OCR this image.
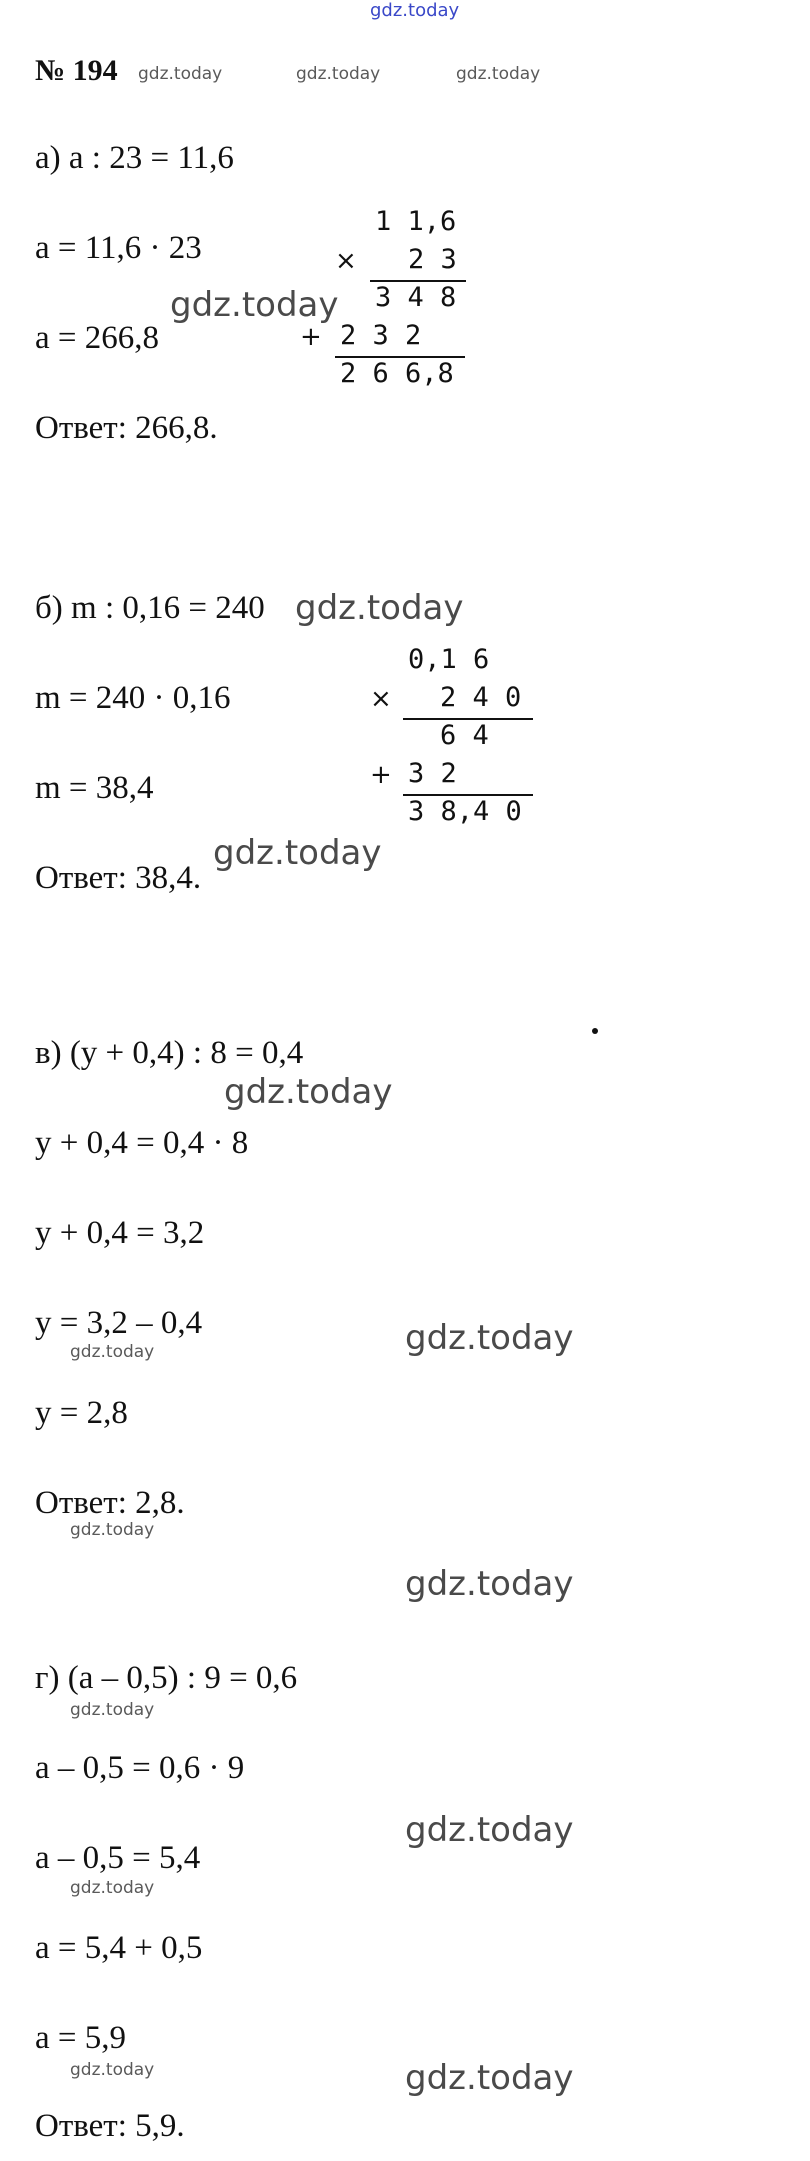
gdz.today
№ 194 gdz.today	gdz.today	gdz.today
а) a : 23 = 11,6
a = 11,6 · 23
a = 266,8
Ответ: 266,8.
gdz.today
1 1,6
× 2 3
3 4 8
+ 2 3 2
2 6 6,8
б) m : 0,16 = 240 gdz.today
m = 240 · 0,16
m = 38,4
Ответ: 38,4.
gdz.today
0,1 6
× 2 4 0
6 4
+ 3 2
3 8,4 0
в) (y + 0,4) : 8 = 0,4
gdz.today
y + 0,4 = 0,4 · 8
y + 0,4 = 3,2
y = 3,2 – 0,4
gdz.today	gdz.today
y = 2,8
Ответ: 2,8.
gdz.today
gdz.today
г) (a – 0,5) : 9 = 0,6
gdz.today
a – 0,5 = 0,6 · 9
gdz.today
a – 0,5 = 5,4
gdz.today
a = 5,4 + 0,5
a = 5,9
gdz.today	gdz.today
Ответ: 5,9.
